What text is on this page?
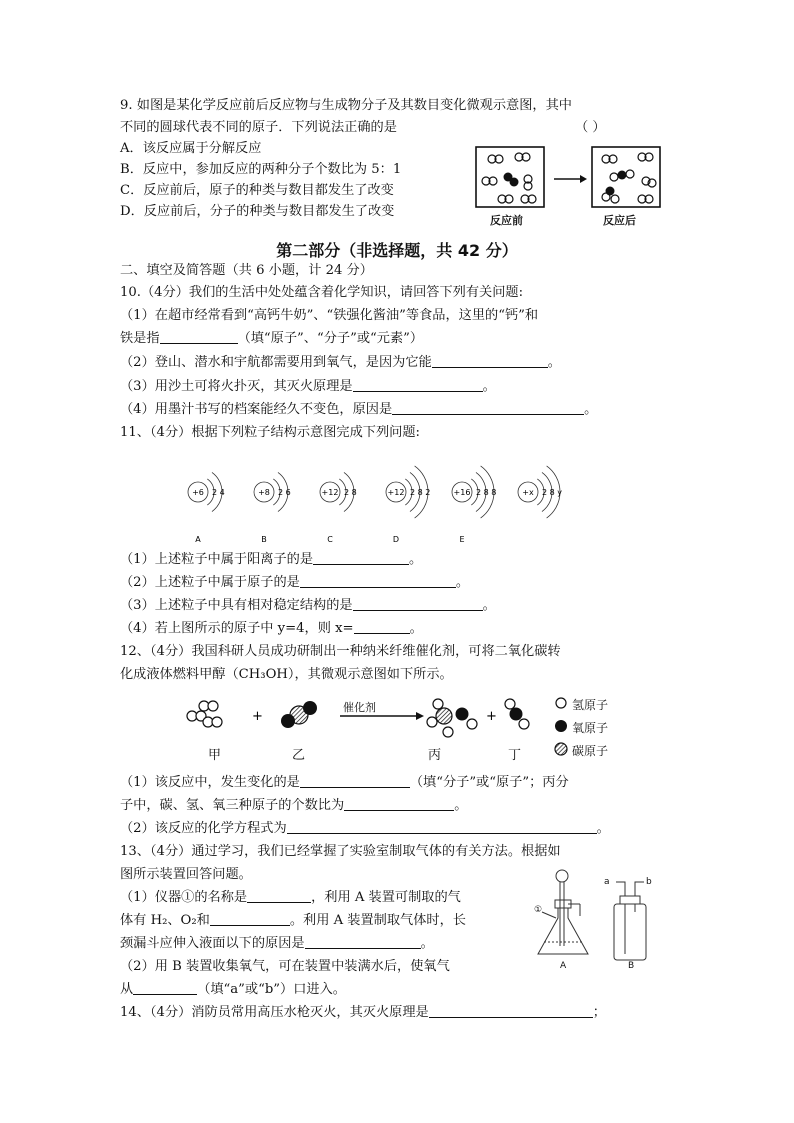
9. 如图是某化学反应前后反应物与生成物分子及其数目变化微观示意图，其中
不同的圆球代表不同的原子．下列说法正确的是	（ ）
A．该反应属于分解反应
B．反应中，参加反应的两种分子个数比为 5：1
C．反应前后，原子的种类与数目都发生了改变
D．反应前后，分子的种类与数目都发生了改变
反应前	反应后
第二部分（非选择题，共 42 分）
二、填空及简答题（共 6 小题，计 24 分）
10.（4分）我们的生活中处处蕴含着化学知识，请回答下列有关问题:
（1）在超市经常看到“高钙牛奶”、“铁强化酱油”等食品，这里的“钙”和
铁是指	（填“原子”、“分子”或“元素”）
（2）登山、潜水和宇航都需要用到氧气，是因为它能	。
（3）用沙土可将火扑灭，其灭火原理是	。
（4）用墨汁书写的档案能经久不变色，原因是	。
11、（4分）根据下列粒子结构示意图完成下列问题:
+6 2 4
A
+8 2 6
B
+12 2 8
C
+12 2 8 2
D
+16 2 8 8
E
+x 2 8 y
（1）上述粒子中属于阳离子的是	。
（2）上述粒子中属于原子的是	。
（3）上述粒子中具有相对稳定结构的是	。
（4）若上图所示的原子中 y=4，则 x=	。
12、（4分）我国科研人员成功研制出一种纳米纤维催化剂，可将二氧化碳转
化成液体燃料甲醇（CH₃OH），其微观示意图如下所示。
+	+
催化剂
甲	乙	丙	丁
氢原子
氧原子
碳原子
（1）该反应中，发生变化的是	（填“分子”或“原子”；丙分
子中，碳、氢、氧三种原子的个数比为	。
（2）该反应的化学方程式为	。
13、（4分）通过学习，我们已经掌握了实验室制取气体的有关方法。根据如
图所示装置回答问题。
（1）仪器①的名称是	，利用 A 装置可制取的气
体有 H₂、O₂和	。利用 A 装置制取气体时，长
颈漏斗应伸入液面以下的原因是	。
（2）用 B 装置收集氧气，可在装置中装满水后，使氧气
从	（填“a”或“b”）口进入。
a	b
①
A	B
14、（4分）消防员常用高压水枪灭火，其灭火原理是	；
